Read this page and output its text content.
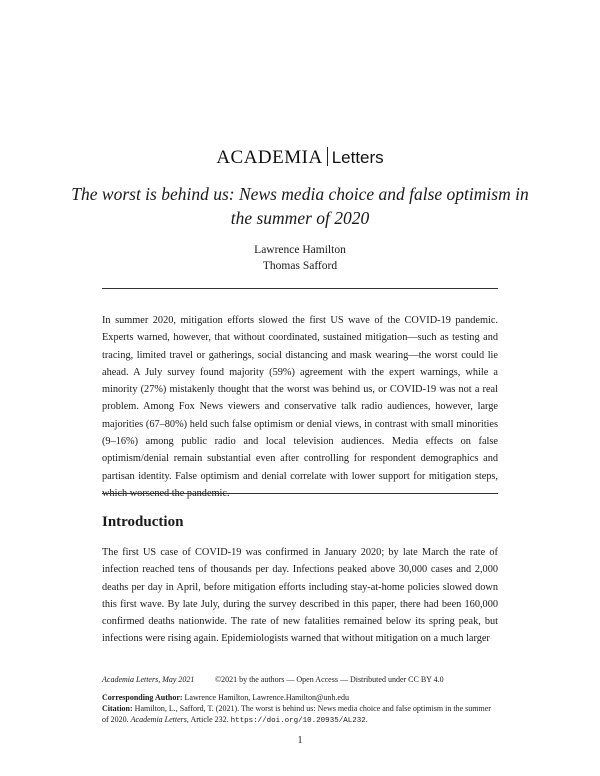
ACADEMIA Letters
The worst is behind us: News media choice and false optimism in the summer of 2020
Lawrence Hamilton
Thomas Safford
In summer 2020, mitigation efforts slowed the first US wave of the COVID-19 pandemic. Experts warned, however, that without coordinated, sustained mitigation—such as testing and tracing, limited travel or gatherings, social distancing and mask wearing—the worst could lie ahead. A July survey found majority (59%) agreement with the expert warnings, while a minority (27%) mistakenly thought that the worst was behind us, or COVID-19 was not a real problem. Among Fox News viewers and conservative talk radio audiences, however, large majorities (67–80%) held such false optimism or denial views, in contrast with small minorities (9–16%) among public radio and local television audiences. Media effects on false optimism/denial remain substantial even after controlling for respondent demographics and partisan identity. False optimism and denial correlate with lower support for mitigation steps,
Introduction
The first US case of COVID-19 was confirmed in January 2020; by late March the rate of infection reached tens of thousands per day. Infections peaked above 30,000 cases and 2,000 deaths per day in April, before mitigation efforts including stay-at-home policies slowed down this first wave. By late July, during the survey described in this paper, there had been 160,000 confirmed deaths nationwide. The rate of new fatalities remained below its spring peak, but infections were rising again. Epidemiologists warned that without mitigation on a much larger
Academia Letters, May 2021	©2021 by the authors — Open Access — Distributed under CC BY 4.0
Corresponding Author: Lawrence Hamilton, Lawrence.Hamilton@unh.edu
Citation: Hamilton, L., Safford, T. (2021). The worst is behind us: News media choice and false optimism in the summer of 2020. Academia Letters, Article 232. https://doi.org/10.20935/AL232.
1
